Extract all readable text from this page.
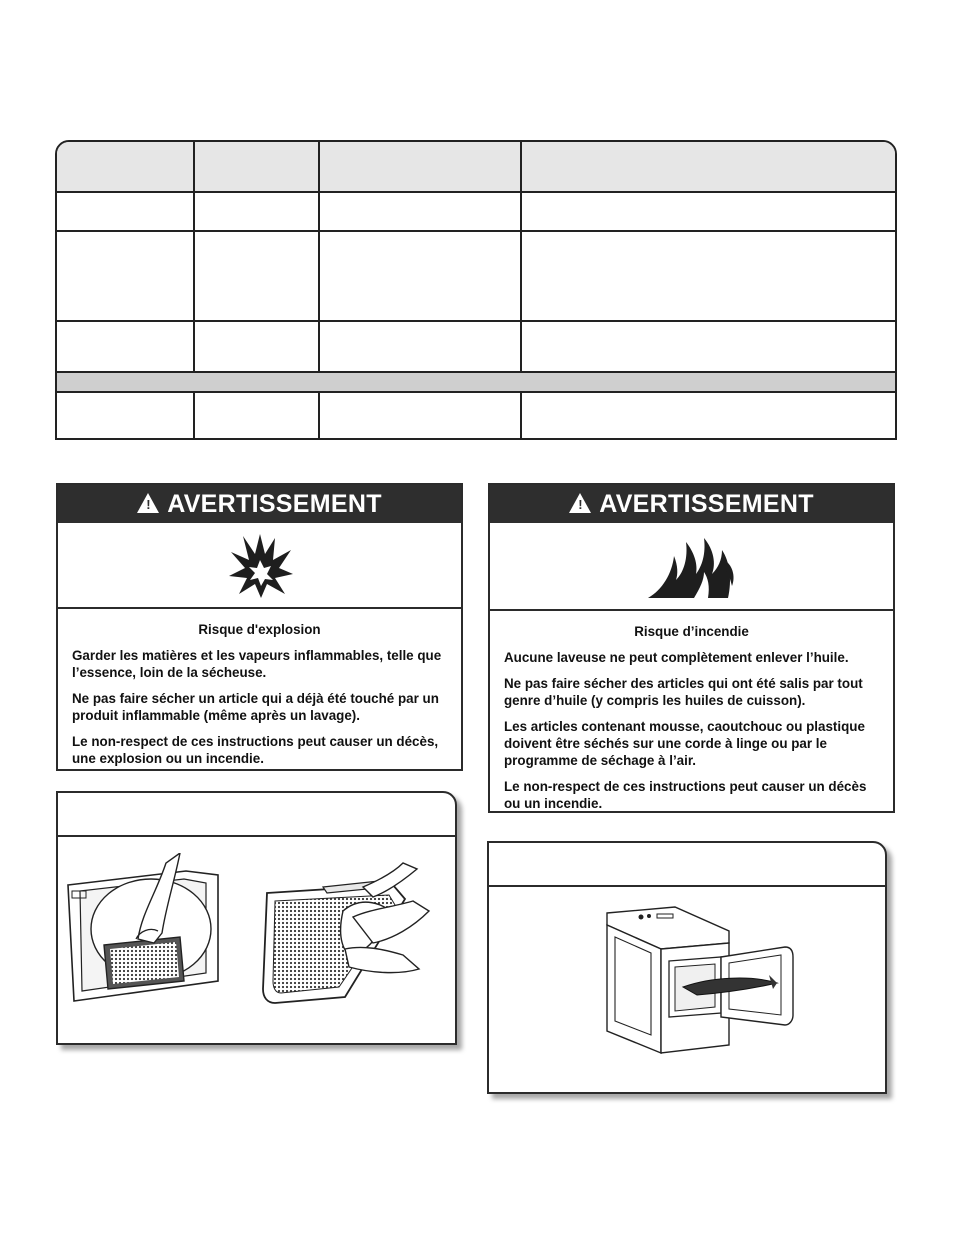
! AVERTISSEMENT
Risque d'explosion

Garder les matières et les vapeurs inflammables, telle que l’essence, loin de la sécheuse.

Ne pas faire sécher un article qui a déjà été touché par un produit inflammable (même après un lavage).

Le non-respect de ces instructions peut causer un décès, une explosion ou un incendie.

! AVERTISSEMENT
Risque d’incendie

Aucune laveuse ne peut complètement enlever l’huile.

Ne pas faire sécher des articles qui ont été salis par tout genre d’huile (y compris les huiles de cuisson).

Les articles contenant mousse, caoutchouc ou plastique doivent être séchés sur une corde à linge ou par le programme de séchage à l’air.

Le non-respect de ces instructions peut causer un décès ou un incendie.
